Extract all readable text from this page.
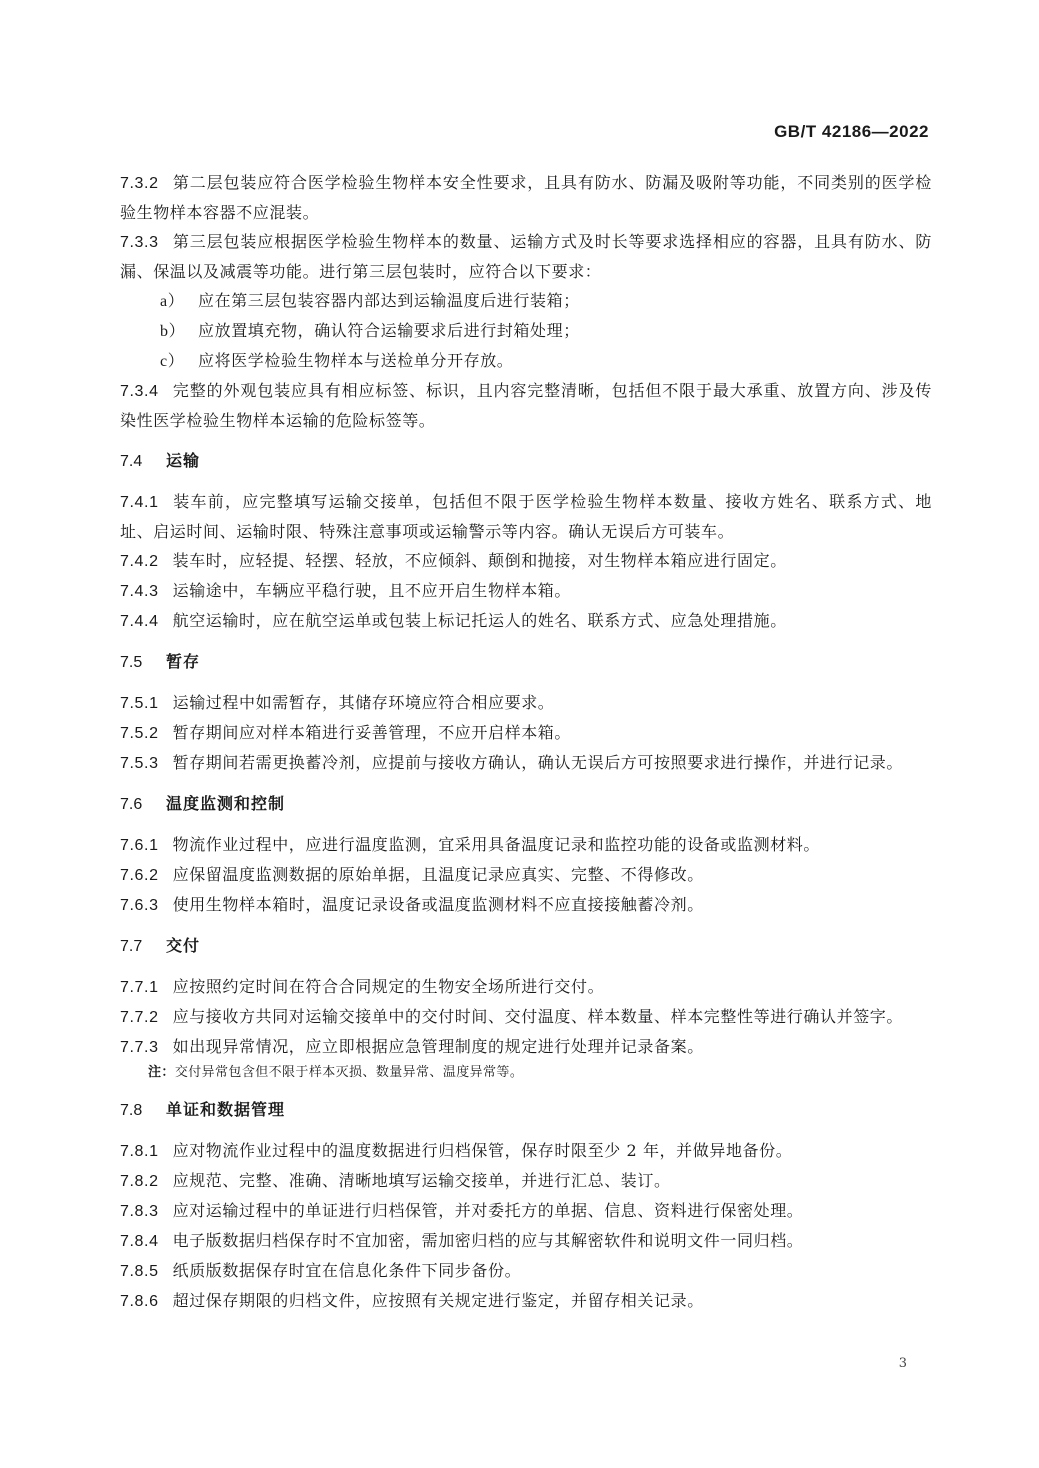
GB/T 42186—2022

7.3.2 第二层包装应符合医学检验生物样本安全性要求，且具有防水、防漏及吸附等功能，不同类别的医学检验生物样本容器不应混装。

7.3.3 第三层包装应根据医学检验生物样本的数量、运输方式及时长等要求选择相应的容器，且具有防水、防漏、保温以及减震等功能。进行第三层包装时，应符合以下要求：

a） 应在第三层包装容器内部达到运输温度后进行装箱；
b） 应放置填充物，确认符合运输要求后进行封箱处理；
c） 应将医学检验生物样本与送检单分开存放。

7.3.4 完整的外观包装应具有相应标签、标识，且内容完整清晰，包括但不限于最大承重、放置方向、涉及传染性医学检验生物样本运输的危险标签等。

7.4 运输

7.4.1 装车前，应完整填写运输交接单，包括但不限于医学检验生物样本数量、接收方姓名、联系方式、地址、启运时间、运输时限、特殊注意事项或运输警示等内容。确认无误后方可装车。

7.4.2 装车时，应轻提、轻摆、轻放，不应倾斜、颠倒和抛接，对生物样本箱应进行固定。

7.4.3 运输途中，车辆应平稳行驶，且不应开启生物样本箱。

7.4.4 航空运输时，应在航空运单或包装上标记托运人的姓名、联系方式、应急处理措施。

7.5 暂存

7.5.1 运输过程中如需暂存，其储存环境应符合相应要求。

7.5.2 暂存期间应对样本箱进行妥善管理，不应开启样本箱。

7.5.3 暂存期间若需更换蓄冷剂，应提前与接收方确认，确认无误后方可按照要求进行操作，并进行记录。

7.6 温度监测和控制

7.6.1 物流作业过程中，应进行温度监测，宜采用具备温度记录和监控功能的设备或监测材料。

7.6.2 应保留温度监测数据的原始单据，且温度记录应真实、完整、不得修改。

7.6.3 使用生物样本箱时，温度记录设备或温度监测材料不应直接接触蓄冷剂。

7.7 交付

7.7.1 应按照约定时间在符合合同规定的生物安全场所进行交付。

7.7.2 应与接收方共同对运输交接单中的交付时间、交付温度、样本数量、样本完整性等进行确认并签字。

7.7.3 如出现异常情况，应立即根据应急管理制度的规定进行处理并记录备案。

注：交付异常包含但不限于样本灭损、数量异常、温度异常等。
7.8 单证和数据管理

7.8.1 应对物流作业过程中的温度数据进行归档保管，保存时限至少 2 年，并做异地备份。

7.8.2 应规范、完整、准确、清晰地填写运输交接单，并进行汇总、装订。

7.8.3 应对运输过程中的单证进行归档保管，并对委托方的单据、信息、资料进行保密处理。

7.8.4 电子版数据归档保存时不宜加密，需加密归档的应与其解密软件和说明文件一同归档。

7.8.5 纸质版数据保存时宜在信息化条件下同步备份。

7.8.6 超过保存期限的归档文件，应按照有关规定进行鉴定，并留存相关记录。

3
